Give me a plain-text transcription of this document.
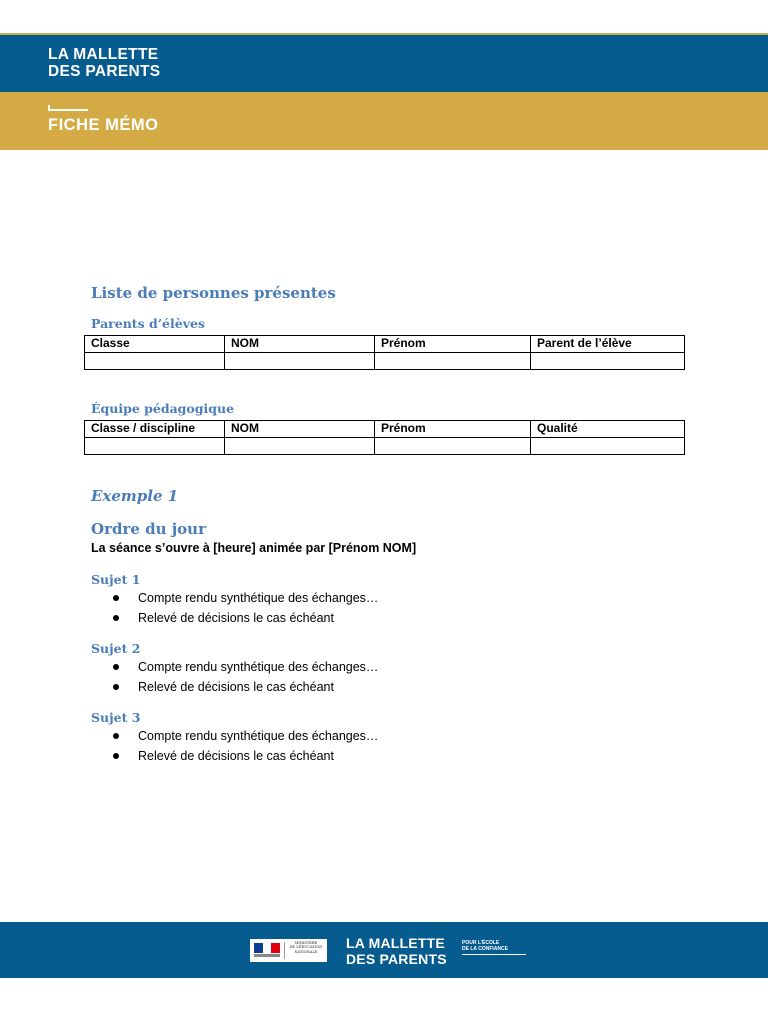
LA MALLETTE
DES PARENTS
FICHE MÉMO
Liste de personnes présentes
Parents d’élèves
Classe	NOM	Prénom	Parent de l’élève

Équipe pédagogique
Classe / discipline	NOM	Prénom	Qualité

Exemple 1
Ordre du jour
La séance s’ouvre à [heure] animée par [Prénom NOM]
Sujet 1
Compte rendu synthétique des échanges…
Relevé de décisions le cas échéant
Sujet 2
Compte rendu synthétique des échanges…
Relevé de décisions le cas échéant
Sujet 3
Compte rendu synthétique des échanges…
Relevé de décisions le cas échéant
MINISTÈRE
DE L’ÉDUCATION
NATIONALE
LA MALLETTE
DES PARENTS
POUR L’ÉCOLE
DE LA CONFIANCE
